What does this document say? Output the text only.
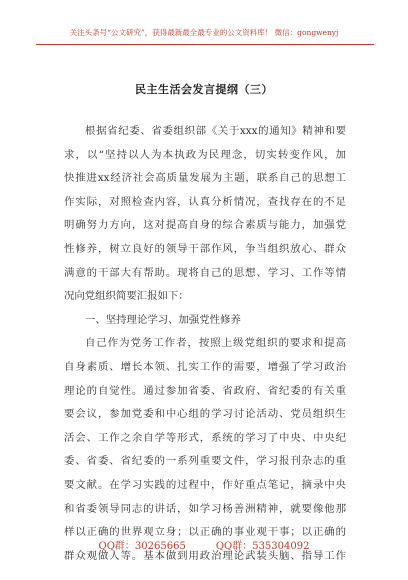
关注头条号“公文研究”，获得最新最全最专业的公文资料库！ 微信：gongwenyj
民主生活会发言提纲（三）
根据省纪委、省委组织部《关于xxx的通知》精神和要
求，以“坚持以人为本执政为民理念，切实转变作风，加
快推进xx经济社会高质量发展为主题，联系自己的思想工
作实际，对照检查内容，认真分析情况，查找存在的不足
明确努力方向，这对提高自身的综合素质与能力，加强党
性修养，树立良好的领导干部作风，争当组织放心、群众
满意的干部大有帮助。现将自己的思想、学习、工作等情
况向党组织简要汇报如下：
一、坚持理论学习、加强党性修养
自己作为党务工作者，按照上级党组织的要求和提高
自身素质、增长本领、扎实工作的需要，增强了学习政治
理论的自觉性。通过参加省委、省政府、省纪委的有关重
要会议，参加党委和中心组的学习讨论活动、党员组织生
活会、工作之余自学等形式，系统的学习了中央、中央纪
委、省委、省纪委的一系列重要文件，学习报刊杂志的重
要文献。在学习实践的过程中，作好重点笔记，摘录中央
和省委领导同志的讲话，如学习杨善洲精神，就要像他那
样以正确的世界观立身；以正确的事业观干事；以正确的
群众观做人等。基本做到用政治理论武装头脑、指导工作
QQ群：30265665	QQ群：535304092
